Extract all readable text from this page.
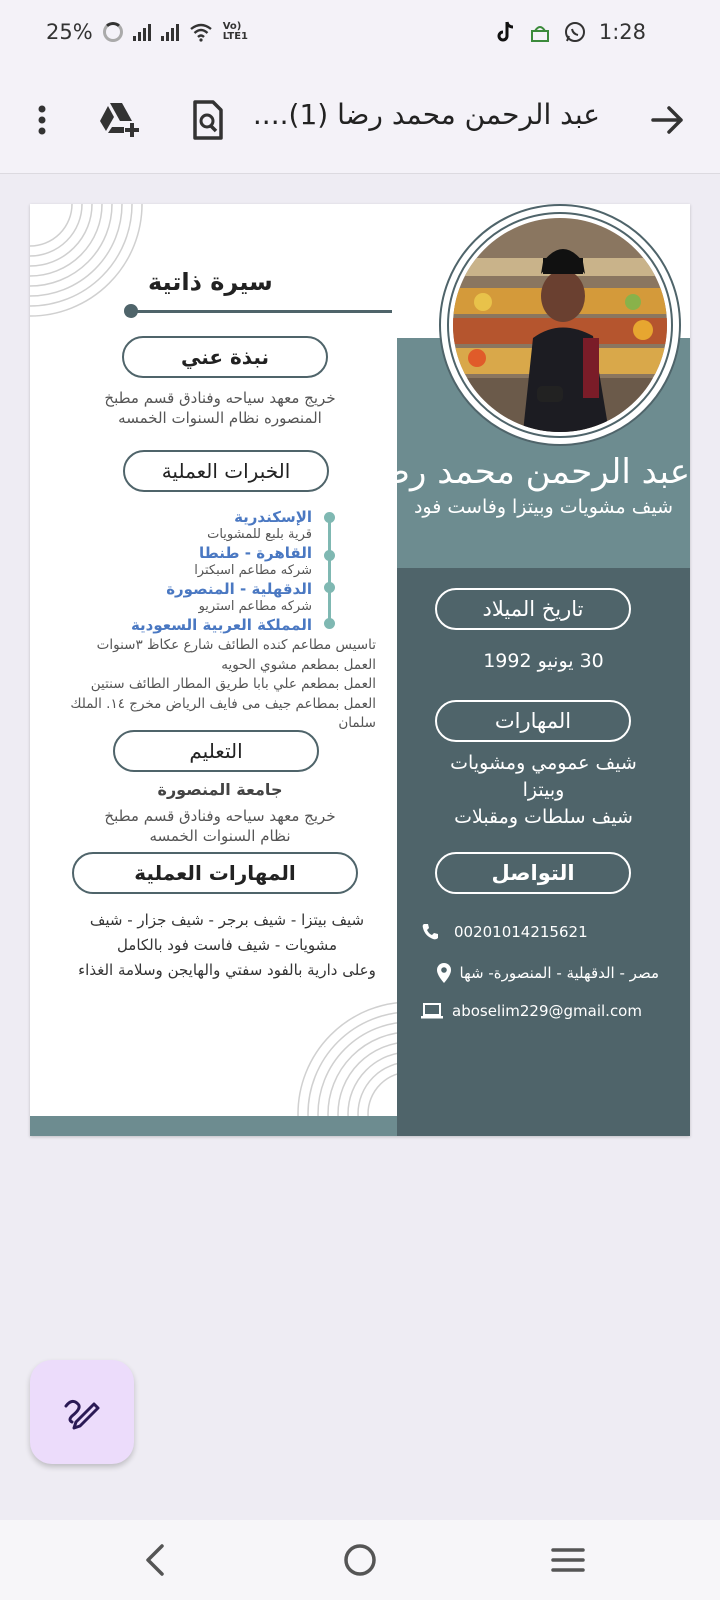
25%	Vo)
LTE1	1:28
عبد الرحمن محمد رضا (1)....
عبد الرحمن محمد رضا
شيف مشويات وبيتزا وفاست فود
تاريخ الميلاد
30 يونيو 1992
المهارات
شيف عمومي ومشويات
وبيتزا
شيف سلطات ومقبلات
التواصل
00201014215621
مصر - الدقهلية - المنصورة- شها
aboselim229@gmail.com
سيرة ذاتية
نبذة عني
خريج معهد سياحه وفنادق قسم مطبخ
المنصوره نظام السنوات الخمسه
الخبرات العملية
الإسكندرية
قرية بلبع للمشويات
القاهرة - طنطا
شركه مطاعم اسبكترا
الدقهلية - المنصورة
شركه مطاعم استريو
المملكة العربية السعودية
تاسيس مطاعم كنده الطائف شارع عكاظ ٣سنوات
العمل بمطعم مشوي الحويه
العمل بمطعم علي بابا طريق المطار الطائف سنتين
العمل بمطاعم جيف مى فايف الرياض مخرج ١٤. الملك
سلمان
التعليم
جامعة المنصورة
خريج معهد سياحه وفنادق قسم مطبخ
نظام السنوات الخمسه
المهارات العملية
شيف بيتزا - شيف برجر - شيف جزار - شيف
مشويات - شيف فاست فود بالكامل
وعلى دارية بالفود سفتي والهايجن وسلامة الغذاء
